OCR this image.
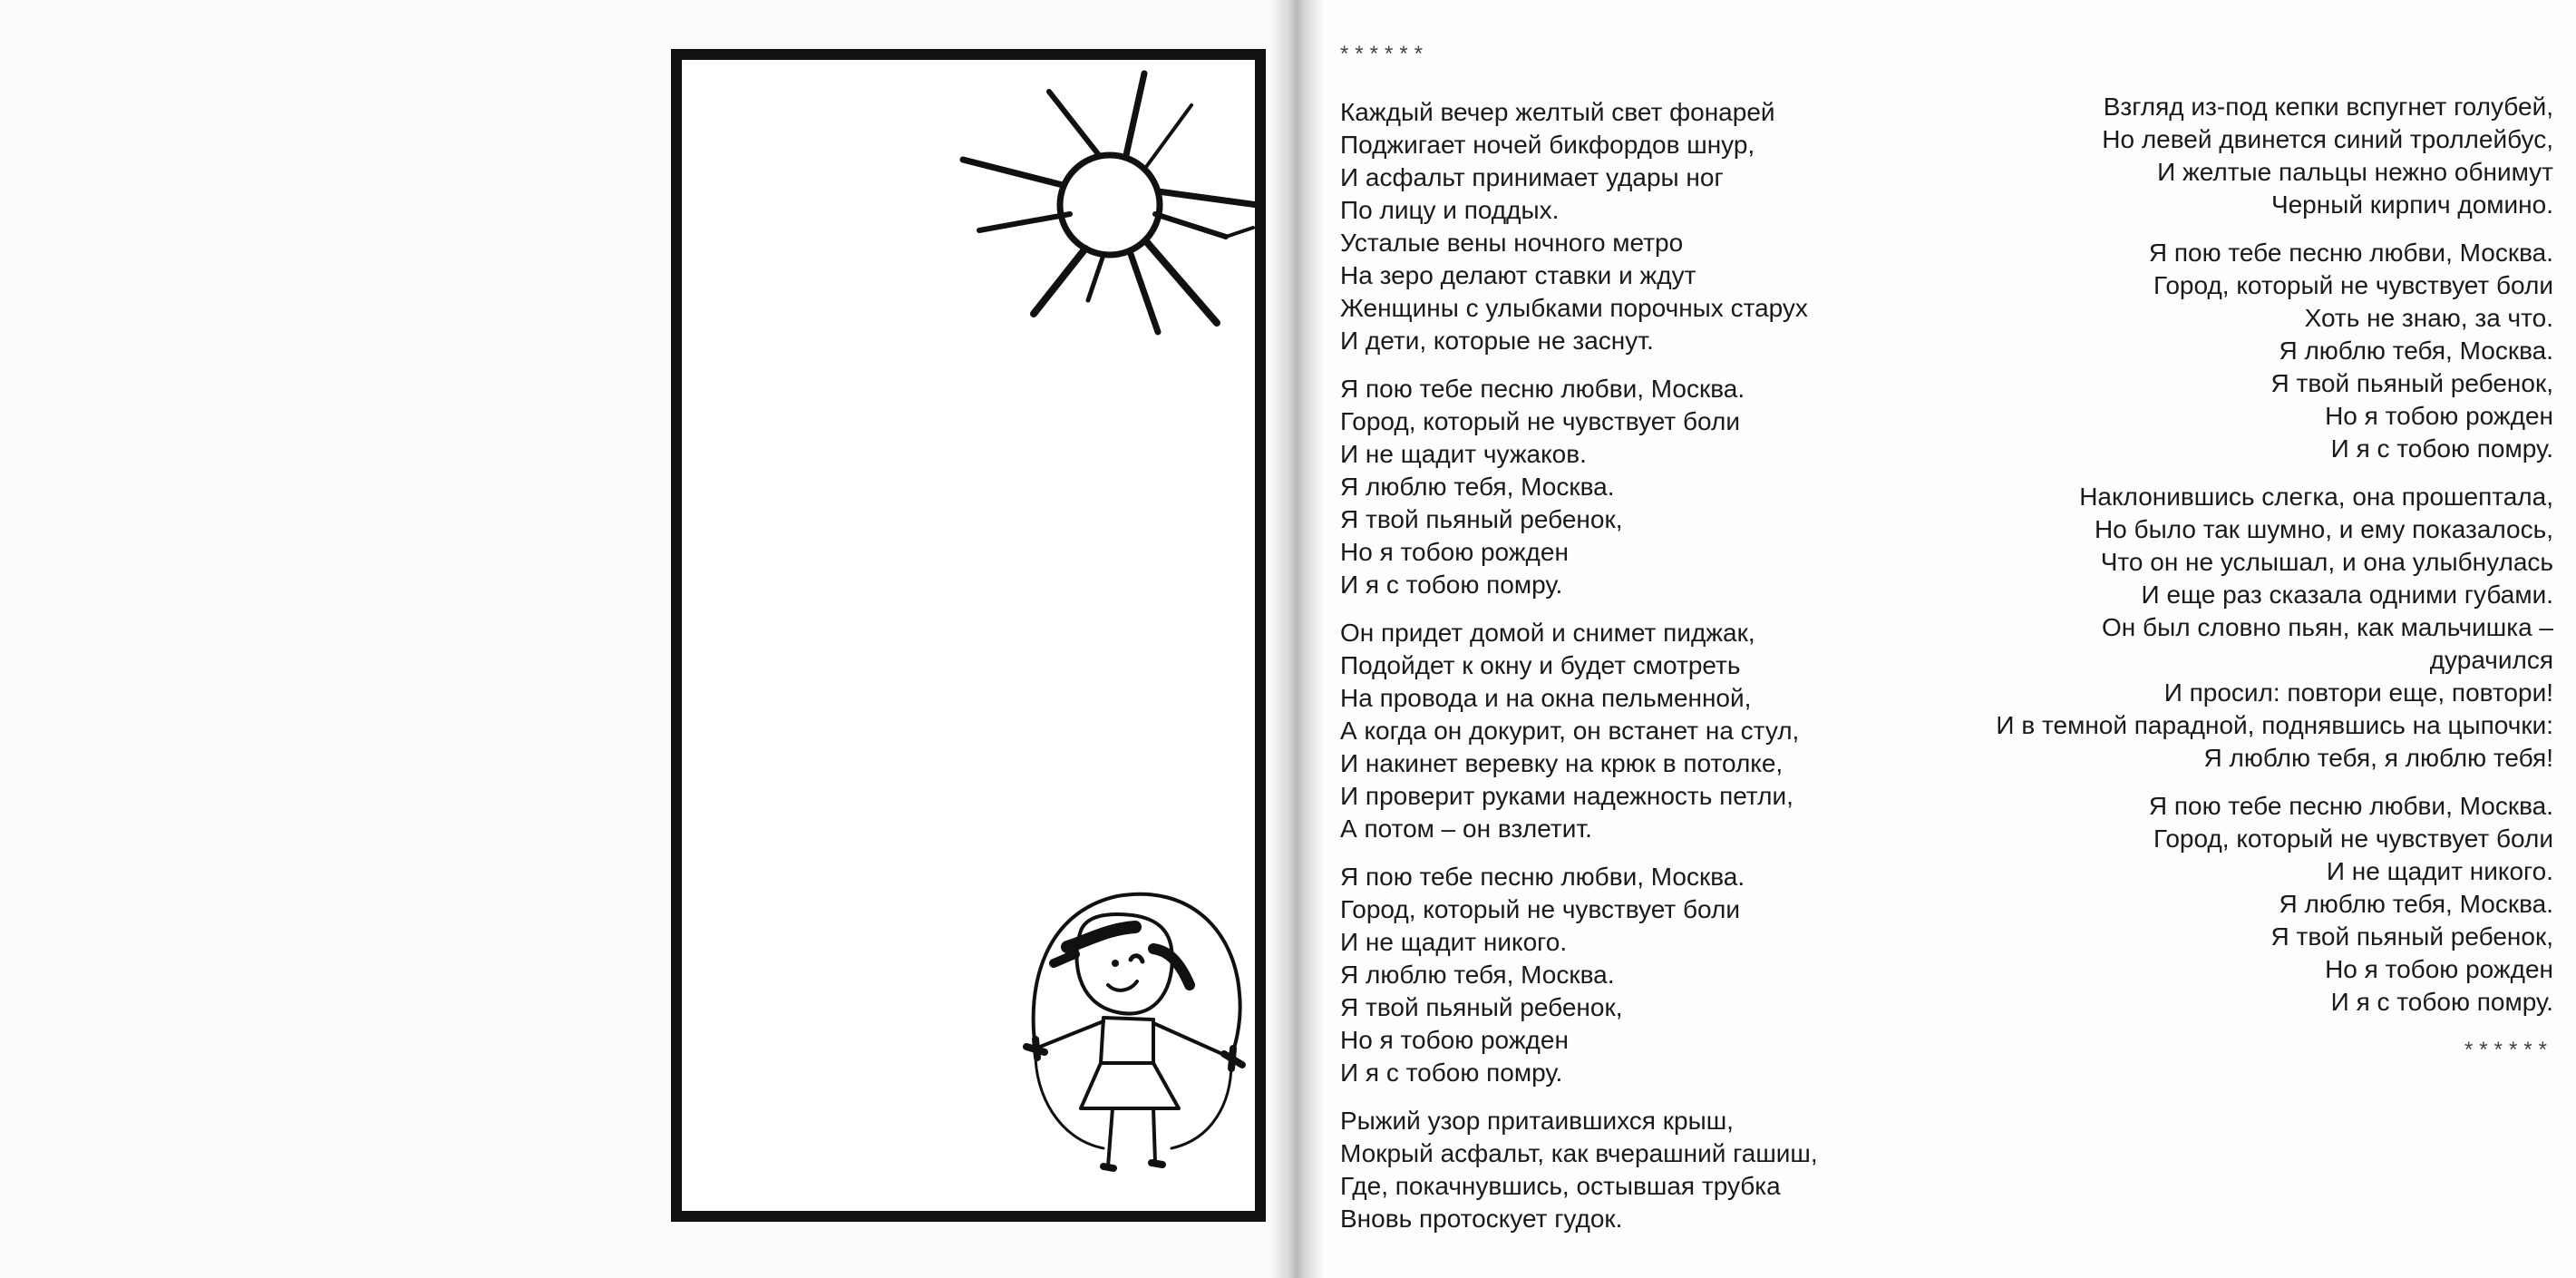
******
Каждый вечер желтый свет фонарей
Поджигает ночей бикфордов шнур,
И асфальт принимает удары ног
По лицу и поддых.
Усталые вены ночного метро
На зеро делают ставки и ждут
Женщины с улыбками порочных старух
И дети, которые не заснут.
Я пою тебе песню любви, Москва.
Город, который не чувствует боли
И не щадит чужаков.
Я люблю тебя, Москва.
Я твой пьяный ребенок,
Но я тобою рожден
И я с тобою помру.
Он придет домой и снимет пиджак,
Подойдет к окну и будет смотреть
На провода и на окна пельменной,
А когда он докурит, он встанет на стул,
И накинет веревку на крюк в потолке,
И проверит руками надежность петли,
А потом – он взлетит.
Я пою тебе песню любви, Москва.
Город, который не чувствует боли
И не щадит никого.
Я люблю тебя, Москва.
Я твой пьяный ребенок,
Но я тобою рожден
И я с тобою помру.
Рыжий узор притаившихся крыш,
Мокрый асфальт, как вчерашний гашиш,
Где, покачнувшись, остывшая трубка
Вновь протоскует гудок.
Взгляд из-под кепки вспугнет голубей,
Но левей двинется синий троллейбус,
И желтые пальцы нежно обнимут
Черный кирпич домино.
Я пою тебе песню любви, Москва.
Город, который не чувствует боли
Хоть не знаю, за что.
Я люблю тебя, Москва.
Я твой пьяный ребенок,
Но я тобою рожден
И я с тобою помру.
Наклонившись слегка, она прошептала,
Но было так шумно, и ему показалось,
Что он не услышал, и она улыбнулась
И еще раз сказала одними губами.
Он был словно пьян, как мальчишка –
дурачился
И просил: повтори еще, повтори!
И в темной парадной, поднявшись на цыпочки:
Я люблю тебя, я люблю тебя!
Я пою тебе песню любви, Москва.
Город, который не чувствует боли
И не щадит никого.
Я люблю тебя, Москва.
Я твой пьяный ребенок,
Но я тобою рожден
И я с тобою помру.
******
